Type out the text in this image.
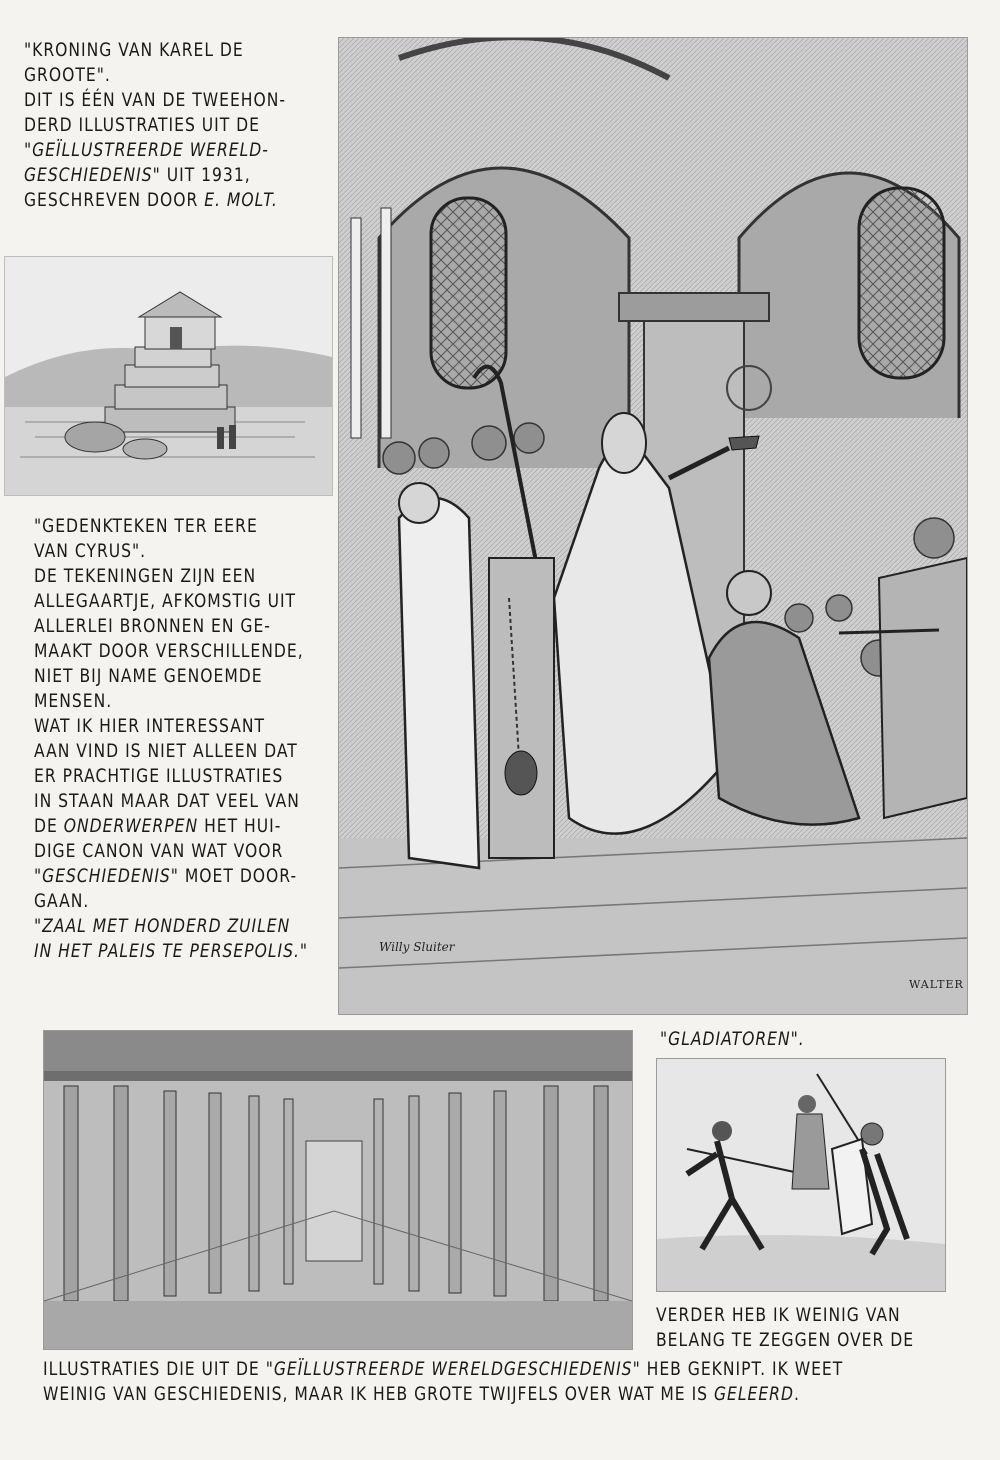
"KRONING VAN KAREL DE
GROOTE".
DIT IS ÉÉN VAN DE TWEEHON-
DERD ILLUSTRATIES UIT DE
"GEÏLLUSTREERDE WERELD-
GESCHIEDENIS" UIT 1931,
GESCHREVEN DOOR E. MOLT.
Willy Sluiter
WALTER
"GEDENKTEKEN TER EERE
VAN CYRUS".
DE TEKENINGEN ZIJN EEN
ALLEGAARTJE, AFKOMSTIG UIT
ALLERLEI BRONNEN EN GE-
MAAKT DOOR VERSCHILLENDE,
NIET BIJ NAME GENOEMDE
MENSEN.
WAT IK HIER INTERESSANT
AAN VIND IS NIET ALLEEN DAT
ER PRACHTIGE ILLUSTRATIES
IN STAAN MAAR DAT VEEL VAN
DE ONDERWERPEN HET HUI-
DIGE CANON VAN WAT VOOR
"GESCHIEDENIS" MOET DOOR-
GAAN.
"ZAAL MET HONDERD ZUILEN
IN HET PALEIS TE PERSEPOLIS."
"GLADIATOREN".
VERDER HEB IK WEINIG VAN
BELANG TE ZEGGEN OVER DE
ILLUSTRATIES DIE UIT DE "GEÏLLUSTREERDE WERELDGESCHIEDENIS" HEB GEKNIPT. IK WEET
WEINIG VAN GESCHIEDENIS, MAAR IK HEB GROTE TWIJFELS OVER WAT ME IS GELEERD.
